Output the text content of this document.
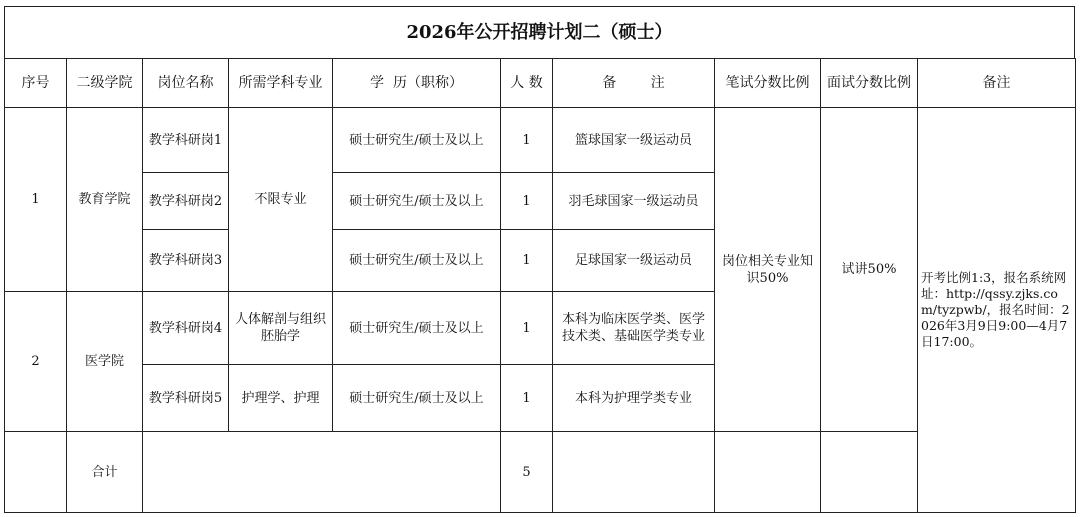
2026年公开招聘计划二（硕士）
序号	二级学院	岗位名称	所需学科专业	学  历（职称）	人 数	备 注	笔试分数比例	面试分数比例	备注
1	教育学院	教学科研岗1	不限专业	硕士研究生/硕士及以上	1	篮球国家一级运动员	岗位相关专业知识50%	试讲50%	开考比例1:3，报名系统网址：http://qssy.zjks.com/tyzpwb/，报名时间：2026年3月9日9:00—4月7日17:00。
		教学科研岗2		硕士研究生/硕士及以上	1	羽毛球国家一级运动员			
		教学科研岗3		硕士研究生/硕士及以上	1	足球国家一级运动员			
2	医学院	教学科研岗4	人体解剖与组织胚胎学	硕士研究生/硕士及以上	1	本科为临床医学类、医学技术类、基础医学类专业			
		教学科研岗5	护理学、护理	硕士研究生/硕士及以上	1	本科为护理学类专业			
	合计				5				
